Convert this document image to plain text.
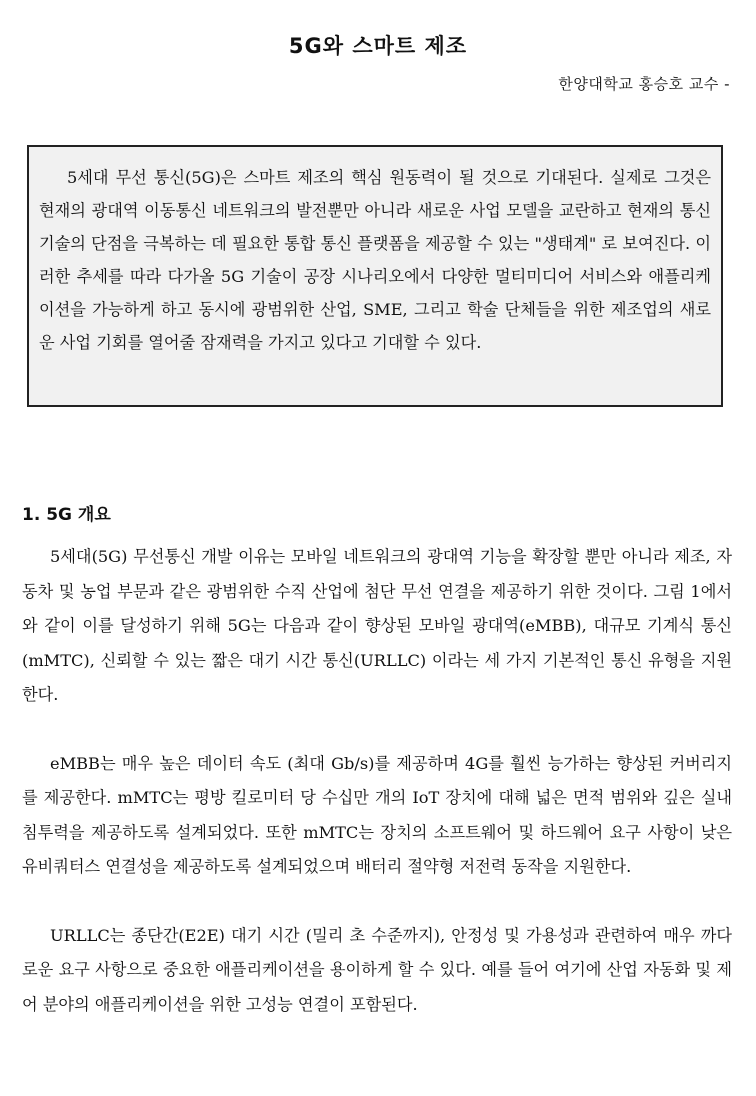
5G와 스마트 제조
한양대학교 홍승호 교수 -

5세대 무선 통신(5G)은 스마트 제조의 핵심 원동력이 될 것으로 기대된다. 실제로 그것은 현재의 광대역 이동통신 네트워크의 발전뿐만 아니라 새로운 사업 모델을 교란하고 현재의 통신 기술의 단점을 극복하는 데 필요한 통합 통신 플랫폼을 제공할 수 있는 "생태계" 로 보여진다. 이러한 추세를 따라 다가올 5G 기술이 공장 시나리오에서 다양한 멀티미디어 서비스와 애플리케이션을 가능하게 하고 동시에 광범위한 산업, SME, 그리고 학술 단체들을 위한 제조업의 새로운 사업 기회를 열어줄 잠재력을 가지고 있다고 기대할 수 있다.

1. 5G 개요

5세대(5G) 무선통신 개발 이유는 모바일 네트워크의 광대역 기능을 확장할 뿐만 아니라 제조, 자동차 및 농업 부문과 같은 광범위한 수직 산업에 첨단 무선 연결을 제공하기 위한 것이다. 그림 1에서와 같이 이를 달성하기 위해 5G는 다음과 같이 향상된 모바일 광대역(eMBB), 대규모 기계식 통신(mMTC), 신뢰할 수 있는 짧은 대기 시간 통신(URLLC) 이라는 세 가지 기본적인 통신 유형을 지원한다.

eMBB는 매우 높은 데이터 속도 (최대 Gb/s)를 제공하며 4G를 훨씬 능가하는 향상된 커버리지를 제공한다. mMTC는 평방 킬로미터 당 수십만 개의 IoT 장치에 대해 넓은 면적 범위와 깊은 실내 침투력을 제공하도록 설계되었다. 또한 mMTC는 장치의 소프트웨어 및 하드웨어 요구 사항이 낮은 유비쿼터스 연결성을 제공하도록 설계되었으며 배터리 절약형 저전력 동작을 지원한다.

URLLC는 종단간(E2E) 대기 시간 (밀리 초 수준까지), 안정성 및 가용성과 관련하여 매우 까다로운 요구 사항으로 중요한 애플리케이션을 용이하게 할 수 있다. 예를 들어 여기에 산업 자동화 및 제어 분야의 애플리케이션을 위한 고성능 연결이 포함된다.
